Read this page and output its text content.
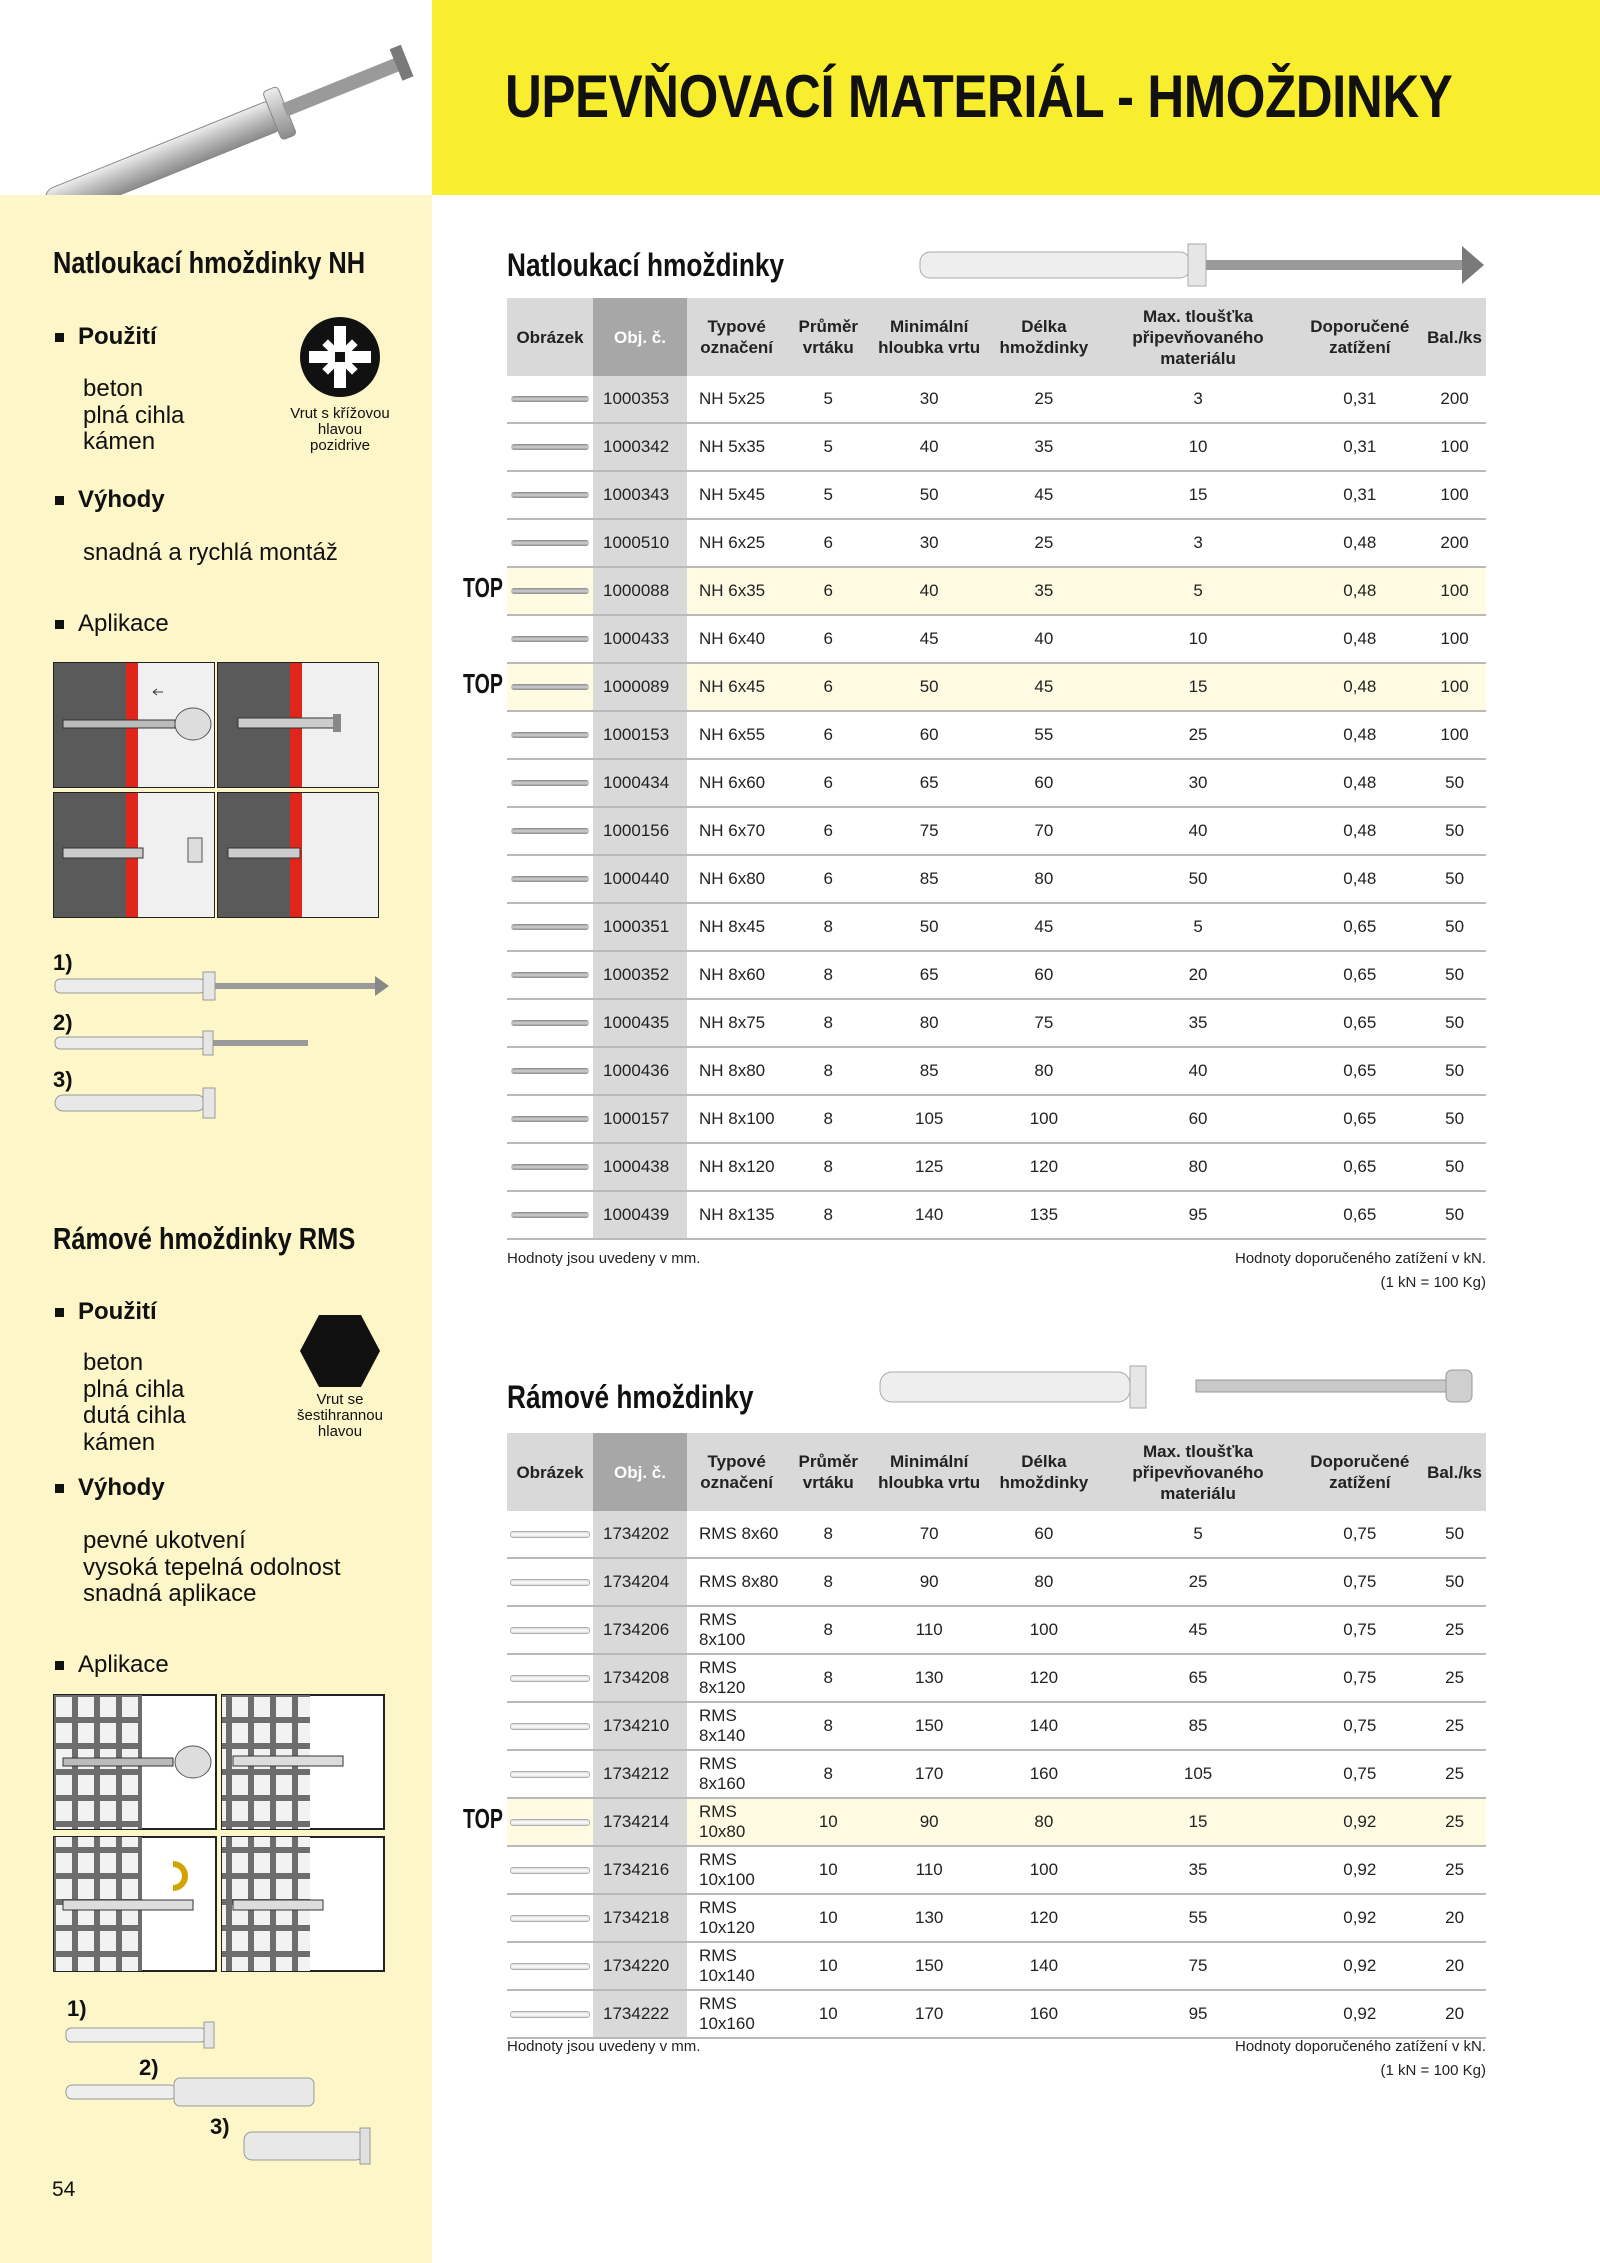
UPEVŇOVACÍ MATERIÁL - HMOŽDINKY
Natloukací hmoždinky NH
Použití
beton
plná cihla
kámen
Vrut s křížovou
hlavou
pozidrive
Výhody
snadná a rychlá montáž
Aplikace
1)
2)
3)
Rámové hmoždinky RMS
Použití
beton
plná cihla
dutá cihla
kámen
Vrut se
šestihrannou
hlavou
Výhody
pevné ukotvení
vysoká tepelná odolnost
snadná aplikace
Aplikace
1)
2)
3)
Natloukací hmoždinky
Obrázek	Obj. č.	Typové označení	Průměr vrtáku	Minimální hloubka vrtu	Délka hmoždinky	Max. tloušťka připevňovaného materiálu	Doporučené zatížení	Bal./ks

	1000353	NH 5x25	5	30	25	3	0,31	200

	1000342	NH 5x35	5	40	35	10	0,31	100

	1000343	NH 5x45	5	50	45	15	0,31	100

	1000510	NH 6x25	6	30	25	3	0,48	200

	1000088	NH 6x35	6	40	35	5	0,48	100

	1000433	NH 6x40	6	45	40	10	0,48	100

	1000089	NH 6x45	6	50	45	15	0,48	100

	1000153	NH 6x55	6	60	55	25	0,48	100

	1000434	NH 6x60	6	65	60	30	0,48	50

	1000156	NH 6x70	6	75	70	40	0,48	50

	1000440	NH 6x80	6	85	80	50	0,48	50

	1000351	NH 8x45	8	50	45	5	0,65	50

	1000352	NH 8x60	8	65	60	20	0,65	50

	1000435	NH 8x75	8	80	75	35	0,65	50

	1000436	NH 8x80	8	85	80	40	0,65	50

	1000157	NH 8x100	8	105	100	60	0,65	50

	1000438	NH 8x120	8	125	120	80	0,65	50

	1000439	NH 8x135	8	140	135	95	0,65	50
TOP
TOP
Hodnoty jsou uvedeny v mm.	Hodnoty doporučeného zatížení v kN.
(1 kN = 100 Kg)
Rámové hmoždinky
Obrázek	Obj. č.	Typové označení	Průměr vrtáku	Minimální hloubka vrtu	Délka hmoždinky	Max. tloušťka připevňovaného materiálu	Doporučené zatížení	Bal./ks

	1734202	RMS 8x60	8	70	60	5	0,75	50

	1734204	RMS 8x80	8	90	80	25	0,75	50

	1734206	RMS 8x100	8	110	100	45	0,75	25

	1734208	RMS 8x120	8	130	120	65	0,75	25

	1734210	RMS 8x140	8	150	140	85	0,75	25

	1734212	RMS 8x160	8	170	160	105	0,75	25

	1734214	RMS 10x80	10	90	80	15	0,92	25

	1734216	RMS 10x100	10	110	100	35	0,92	25

	1734218	RMS 10x120	10	130	120	55	0,92	20

	1734220	RMS 10x140	10	150	140	75	0,92	20

	1734222	RMS 10x160	10	170	160	95	0,92	20
TOP
Hodnoty jsou uvedeny v mm.	Hodnoty doporučeného zatížení v kN.
(1 kN = 100 Kg)
54
